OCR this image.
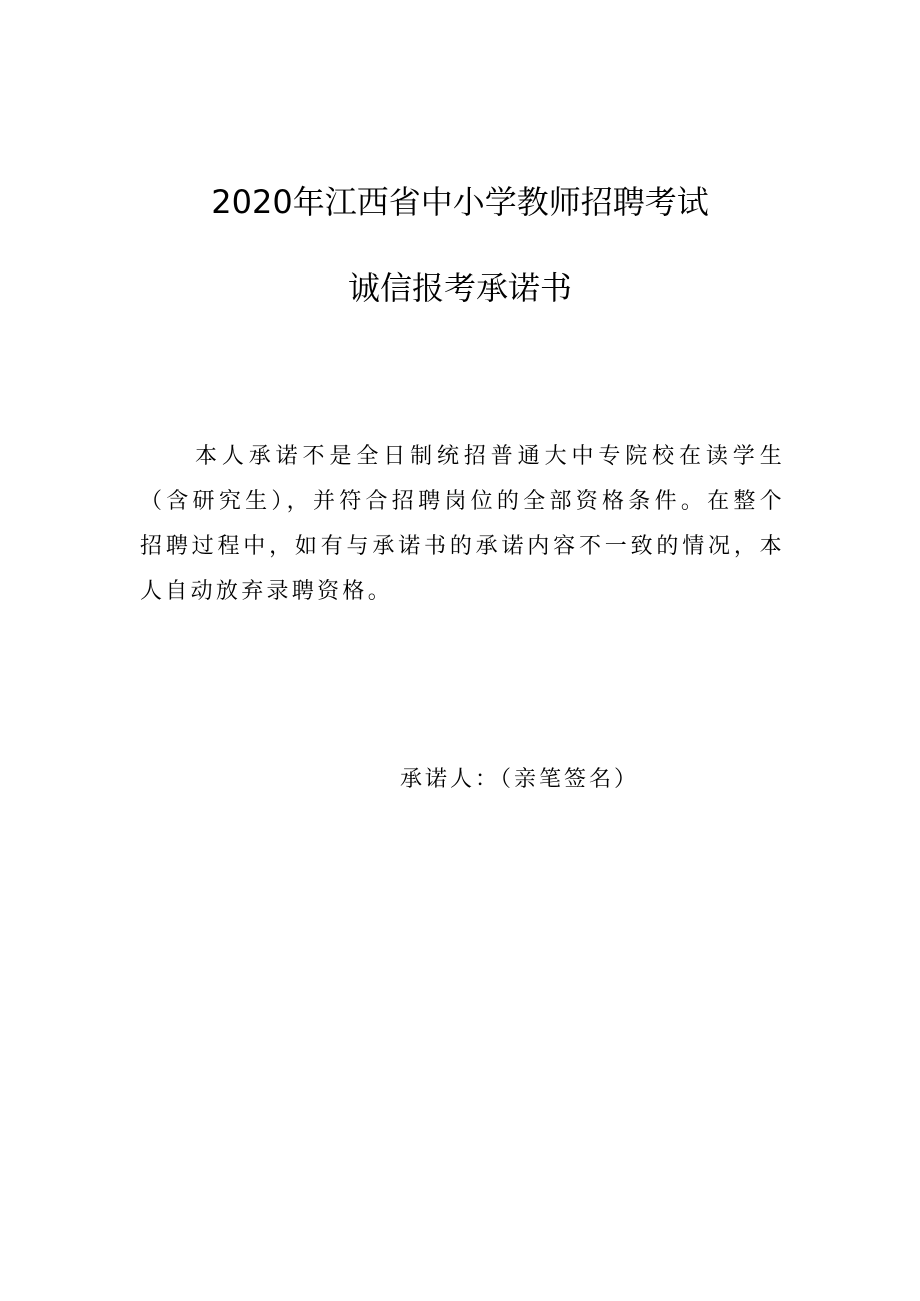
2020年江西省中小学教师招聘考试
诚信报考承诺书

本人承诺不是全日制统招普通大中专院校在读学生（含研究生），并符合招聘岗位的全部资格条件。在整个招聘过程中，如有与承诺书的承诺内容不一致的情况，本人自动放弃录聘资格。

承诺人：（亲笔签名）
